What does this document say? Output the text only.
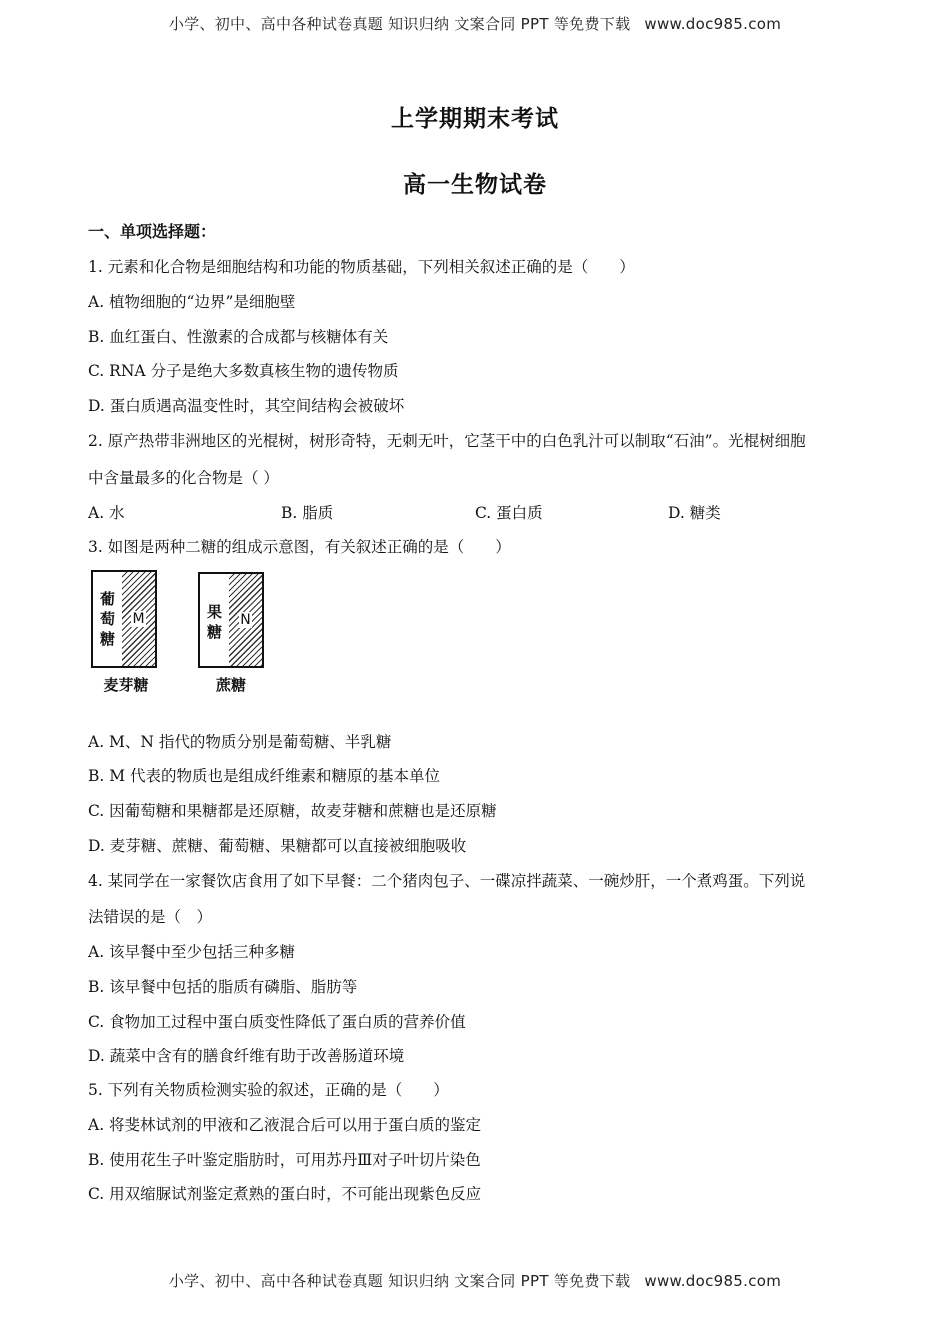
小学、初中、高中各种试卷真题 知识归纳 文案合同 PPT 等免费下载 www.doc985.com
上学期期末考试
高一生物试卷
一、单项选择题：
1. 元素和化合物是细胞结构和功能的物质基础，下列相关叙述正确的是（　　）
A. 植物细胞的“边界”是细胞壁
B. 血红蛋白、性激素的合成都与核糖体有关
C. RNA 分子是绝大多数真核生物的遗传物质
D. 蛋白质遇高温变性时，其空间结构会被破坏
2. 原产热带非洲地区的光棍树，树形奇特，无刺无叶，它茎干中的白色乳汁可以制取“石油”。光棍树细胞
中含量最多的化合物是（ ）
A. 水	B. 脂质	C. 蛋白质	D. 糖类
3. 如图是两种二糖的组成示意图，有关叙述正确的是（　　）
葡
萄
糖
M
麦芽糖
果
糖
N
蔗糖
A. M、N 指代的物质分别是葡萄糖、半乳糖
B. M 代表的物质也是组成纤维素和糖原的基本单位
C. 因葡萄糖和果糖都是还原糖，故麦芽糖和蔗糖也是还原糖
D. 麦芽糖、蔗糖、葡萄糖、果糖都可以直接被细胞吸收
4. 某同学在一家餐饮店食用了如下早餐：二个猪肉包子、一碟凉拌蔬菜、一碗炒肝，一个煮鸡蛋。下列说
法错误的是（　）
A. 该早餐中至少包括三种多糖
B. 该早餐中包括的脂质有磷脂、脂肪等
C. 食物加工过程中蛋白质变性降低了蛋白质的营养价值
D. 蔬菜中含有的膳食纤维有助于改善肠道环境
5. 下列有关物质检测实验的叙述，正确的是（　　）
A. 将斐林试剂的甲液和乙液混合后可以用于蛋白质的鉴定
B. 使用花生子叶鉴定脂肪时，可用苏丹Ⅲ对子叶切片染色
C. 用双缩脲试剂鉴定煮熟的蛋白时，不可能出现紫色反应
小学、初中、高中各种试卷真题 知识归纳 文案合同 PPT 等免费下载 www.doc985.com
